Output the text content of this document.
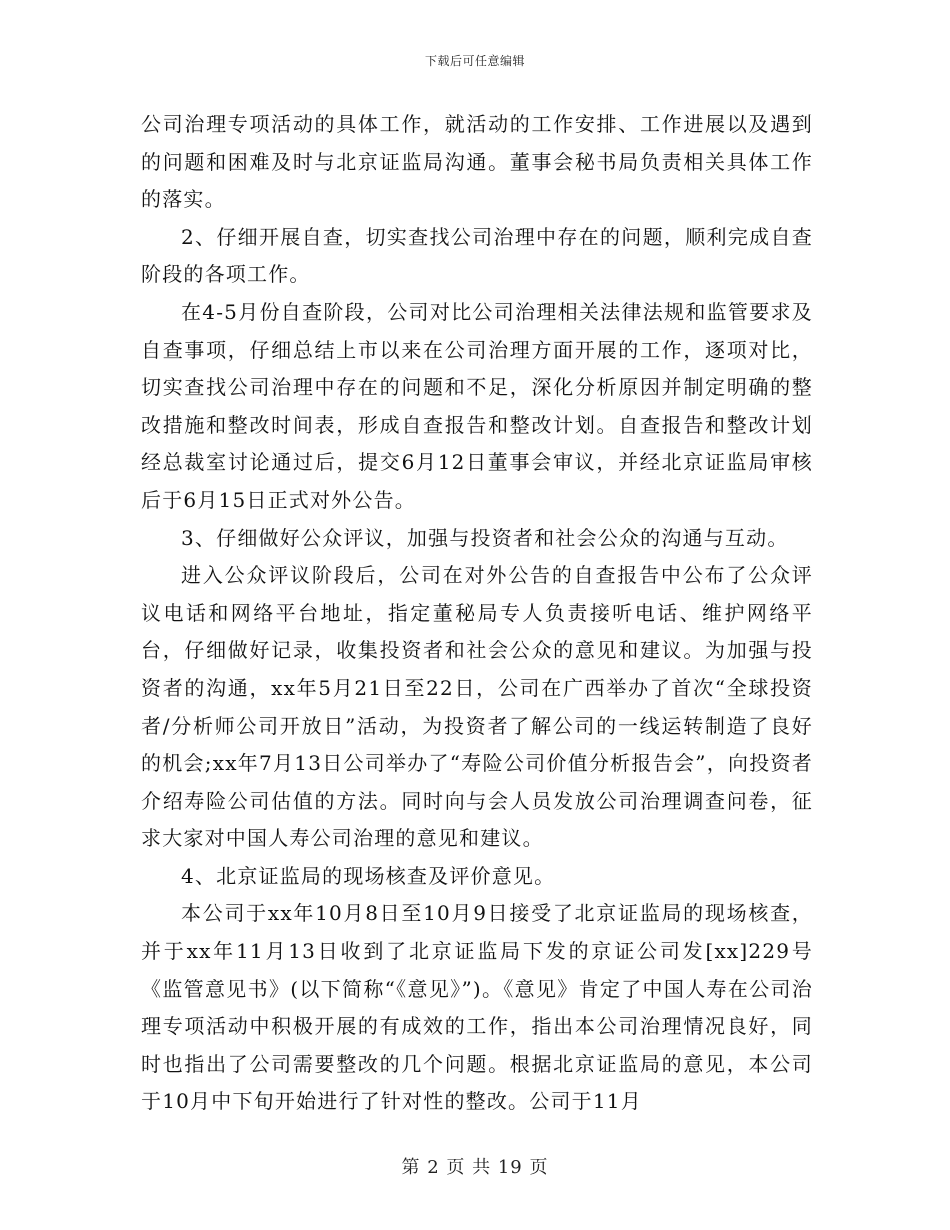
下载后可任意编辑

公司治理专项活动的具体工作，就活动的工作安排、工作进展以及遇到的问题和困难及时与北京证监局沟通。董事会秘书局负责相关具体工作的落实。

2、仔细开展自查，切实查找公司治理中存在的问题，顺利完成自查阶段的各项工作。

在4-5月份自查阶段，公司对比公司治理相关法律法规和监管要求及自查事项，仔细总结上市以来在公司治理方面开展的工作，逐项对比，切实查找公司治理中存在的问题和不足，深化分析原因并制定明确的整改措施和整改时间表，形成自查报告和整改计划。自查报告和整改计划经总裁室讨论通过后，提交6月12日董事会审议，并经北京证监局审核后于6月15日正式对外公告。

3、仔细做好公众评议，加强与投资者和社会公众的沟通与互动。

进入公众评议阶段后，公司在对外公告的自查报告中公布了公众评议电话和网络平台地址，指定董秘局专人负责接听电话、维护网络平台，仔细做好记录，收集投资者和社会公众的意见和建议。为加强与投资者的沟通，xx年5月21日至22日，公司在广西举办了首次“全球投资者/分析师公司开放日”活动，为投资者了解公司的一线运转制造了良好的机会;xx年7月13日公司举办了“寿险公司价值分析报告会”，向投资者介绍寿险公司估值的方法。同时向与会人员发放公司治理调查问卷，征求大家对中国人寿公司治理的意见和建议。

4、北京证监局的现场核查及评价意见。

本公司于xx年10月8日至10月9日接受了北京证监局的现场核查，并于xx年11月13日收到了北京证监局下发的京证公司发[xx]229号《监管意见书》(以下简称“《意见》”)。《意见》肯定了中国人寿在公司治理专项活动中积极开展的有成效的工作，指出本公司治理情况良好，同时也指出了公司需要整改的几个问题。根据北京证监局的意见，本公司于10月中下旬开始进行了针对性的整改。公司于11月

第 2 页 共 19 页
